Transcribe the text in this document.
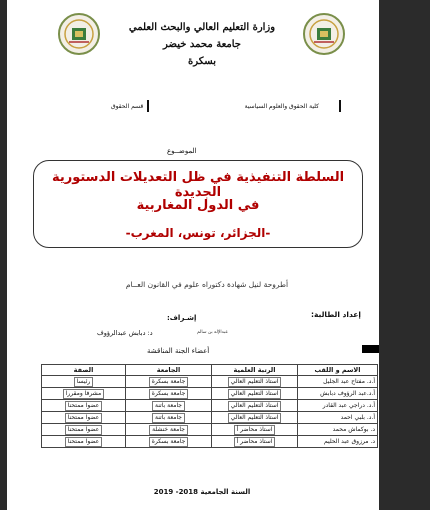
وزارة التعليم العالي والبحث العلمي
جامعة محمد خيضر
بسكرة
كلية الحقوق والعلوم السياسية
قسم الحقوق
الموضــوع
السلطة التنفيذية في ظل التعديلات الدستورية الجديدة
في الدول المغاربية
-الجزائر، تونس، المغرب-
أطروحة لنيل شهادة دكتوراه علوم في القانون العــام
إعداد الطالبة:
إشـراف:
عبدالإله بن سالم
د: دبابش عبدالرؤوف
أعضاء الجنة المناقشة
الاسم و اللقب	الرتبة العلمية	الجامعة	الصفة
أ.د. مفتاح عبد الجليل	استاذ التعليم العالي	جامعة بسكرة	رئيسا
أ.د.عبد الرؤوف دبابش	استاذ التعليم العالي	جامعة بسكرة	مشرفا ومقررا
أ.د. دراجي عبد القادر	استاذ التعليم العالي	جامعة باتنة	عضوا ممتحنا
أ.د. بلبي احمد	استاذ التعليم العالي	جامعة باتنة	عضوا ممتحنا
د. بوكماش محمد	استاذ محاضر أ	جامعة خنشلة	عضوا ممتحنا
د. مرزوق عبد الحليم	استاذ محاضر أ	جامعة بسكرة	عضوا ممتحنا
السنة الجامعية 2018- 2019
